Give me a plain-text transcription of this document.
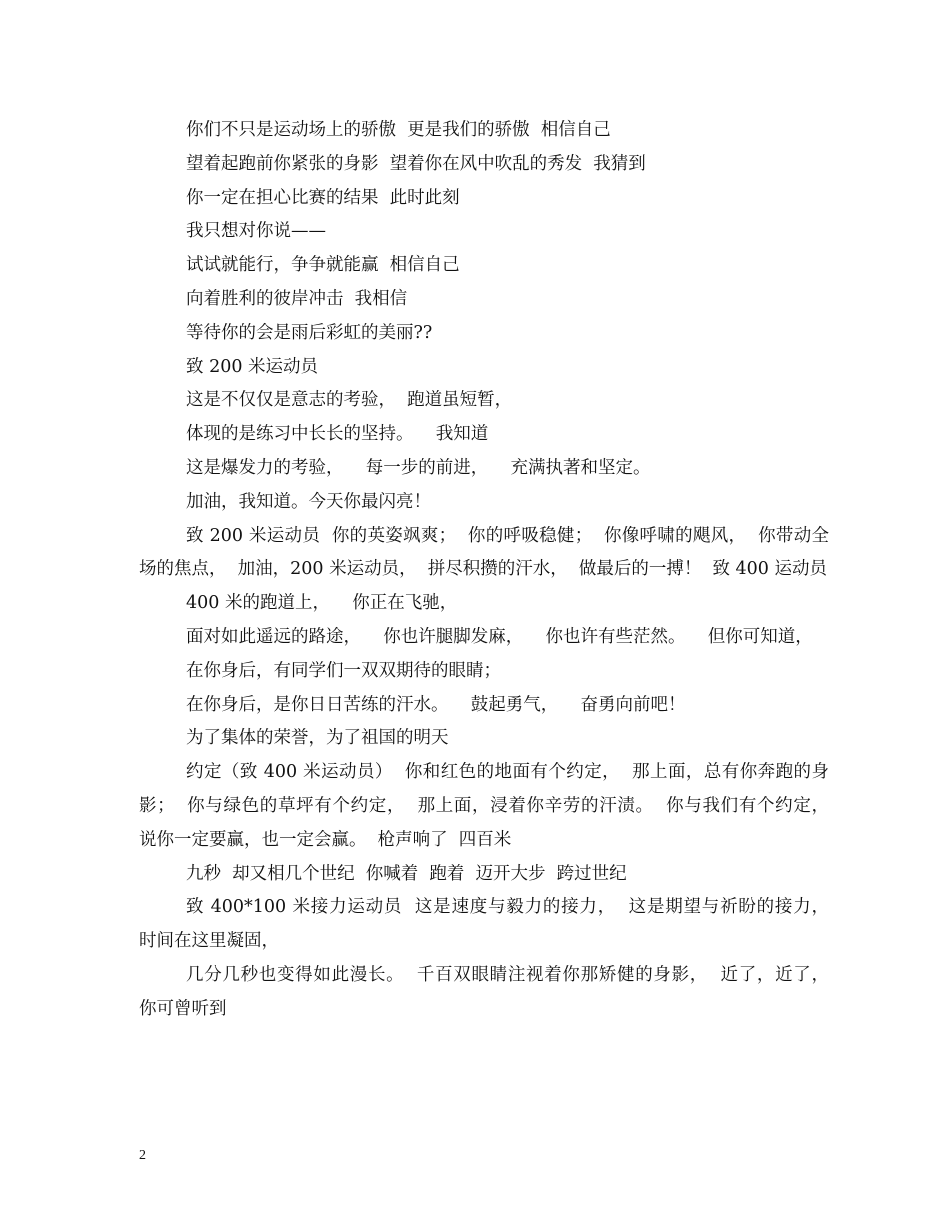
你们不只是运动场上的骄傲  更是我们的骄傲  相信自己

望着起跑前你紧张的身影  望着你在风中吹乱的秀发  我猜到

你一定在担心比赛的结果  此时此刻

我只想对你说——

试试就能行，争争就能赢  相信自己

向着胜利的彼岸冲击  我相信

等待你的会是雨后彩虹的美丽??

致 200 米运动员

这是不仅仅是意志的考验，  跑道虽短暂，

体现的是练习中长长的坚持。    我知道

这是爆发力的考验，    每一步的前进，    充满执著和坚定。

加油，我知道。今天你最闪亮！

致 200 米运动员  你的英姿飒爽；  你的呼吸稳健；  你像呼啸的飓风，  你带动全场的焦点，  加油，200 米运动员，  拼尽积攒的汗水，  做最后的一搏！  致 400 运动员

400 米的跑道上，    你正在飞驰，

面对如此遥远的路途，    你也许腿脚发麻，    你也许有些茫然。    但你可知道，

在你身后，有同学们一双双期待的眼睛；

在你身后，是你日日苦练的汗水。    鼓起勇气，    奋勇向前吧！

为了集体的荣誉，为了祖国的明天

约定（致 400 米运动员）  你和红色的地面有个约定，  那上面，总有你奔跑的身影；  你与绿色的草坪有个约定，  那上面，浸着你辛劳的汗渍。  你与我们有个约定，  说你一定要赢，也一定会赢。  枪声响了  四百米

九秒  却又相几个世纪  你喊着  跑着  迈开大步  跨过世纪

致 400*100 米接力运动员  这是速度与毅力的接力，  这是期望与祈盼的接力，  时间在这里凝固，

几分几秒也变得如此漫长。  千百双眼睛注视着你那矫健的身影，  近了，近了，  你可曾听到

2
